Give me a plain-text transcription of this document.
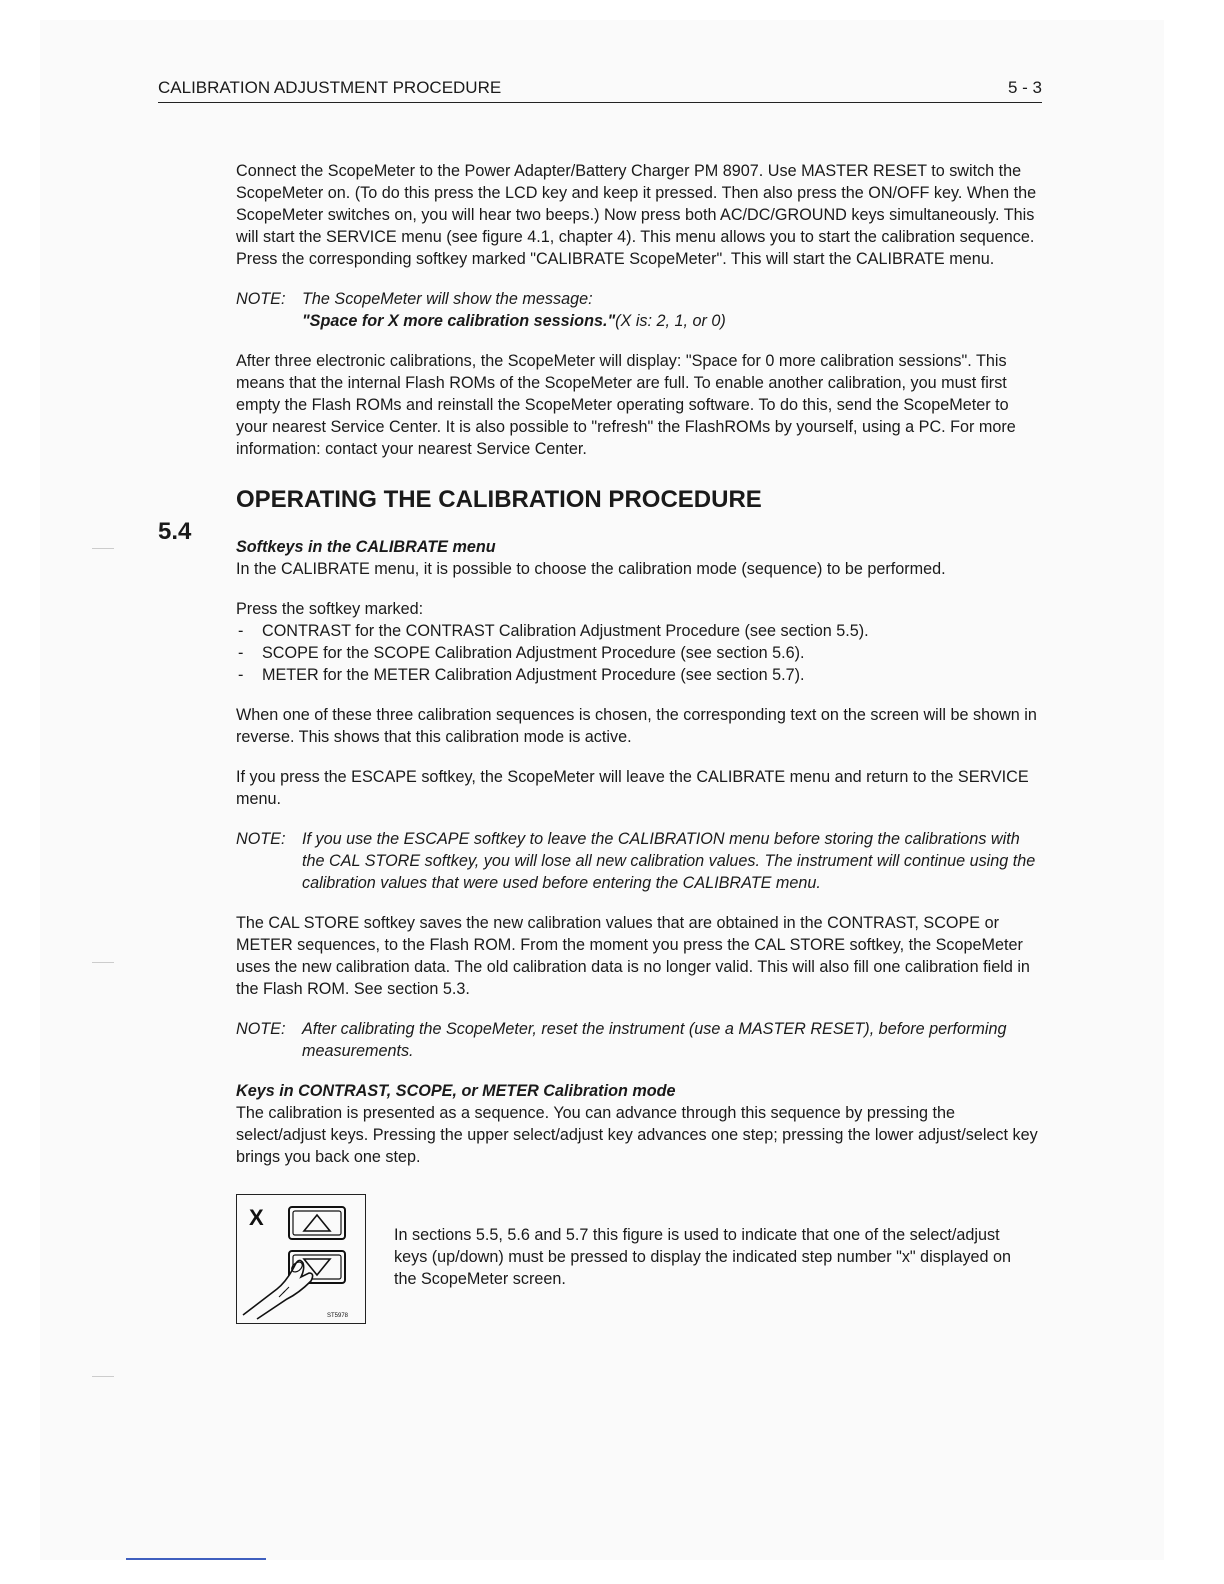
CALIBRATION ADJUSTMENT PROCEDURE	5 - 3
5.4

Connect the ScopeMeter to the Power Adapter/Battery Charger PM 8907. Use MASTER RESET to switch the ScopeMeter on. (To do this press the LCD key and keep it pressed. Then also press the ON/OFF key. When the ScopeMeter switches on, you will hear two beeps.) Now press both AC/DC/GROUND keys simultaneously. This will start the SERVICE menu (see figure 4.1, chapter 4). This menu allows you to start the calibration sequence. Press the corresponding softkey marked "CALIBRATE ScopeMeter". This will start the CALIBRATE menu.

NOTE: The ScopeMeter will show the message:
"Space for X more calibration sessions."(X is: 2, 1, or 0)

After three electronic calibrations, the ScopeMeter will display: "Space for 0 more calibration sessions". This means that the internal Flash ROMs of the ScopeMeter are full. To enable another calibration, you must first empty the Flash ROMs and reinstall the ScopeMeter operating software. To do this, send the ScopeMeter to your nearest Service Center. It is also possible to "refresh" the FlashROMs by yourself, using a PC. For more information: contact your nearest Service Center.

OPERATING THE CALIBRATION PROCEDURE
Softkeys in the CALIBRATE menu

In the CALIBRATE menu, it is possible to choose the calibration mode (sequence) to be performed.

Press the softkey marked:
- CONTRAST for the CONTRAST Calibration Adjustment Procedure (see section 5.5).
- SCOPE for the SCOPE Calibration Adjustment Procedure (see section 5.6).
- METER for the METER Calibration Adjustment Procedure (see section 5.7).

When one of these three calibration sequences is chosen, the corresponding text on the screen will be shown in reverse. This shows that this calibration mode is active.

If you press the ESCAPE softkey, the ScopeMeter will leave the CALIBRATE menu and return to the SERVICE menu.

NOTE: If you use the ESCAPE softkey to leave the CALIBRATION menu before storing the calibrations with the CAL STORE softkey, you will lose all new calibration values. The instrument will continue using the calibration values that were used before entering the CALIBRATE menu.

The CAL STORE softkey saves the new calibration values that are obtained in the CONTRAST, SCOPE or METER sequences, to the Flash ROM. From the moment you press the CAL STORE softkey, the ScopeMeter uses the new calibration data. The old calibration data is no longer valid. This will also fill one calibration field in the Flash ROM. See section 5.3.

NOTE: After calibrating the ScopeMeter, reset the instrument (use a MASTER RESET), before performing measurements.
Keys in CONTRAST, SCOPE, or METER Calibration mode

The calibration is presented as a sequence. You can advance through this sequence by pressing the select/adjust keys. Pressing the upper select/adjust key advances one step; pressing the lower adjust/select key brings you back one step.

X
ST5978
In sections 5.5, 5.6 and 5.7 this figure is used to indicate that one of the select/adjust keys (up/down) must be pressed to display the indicated step number "x" displayed on the ScopeMeter screen.
